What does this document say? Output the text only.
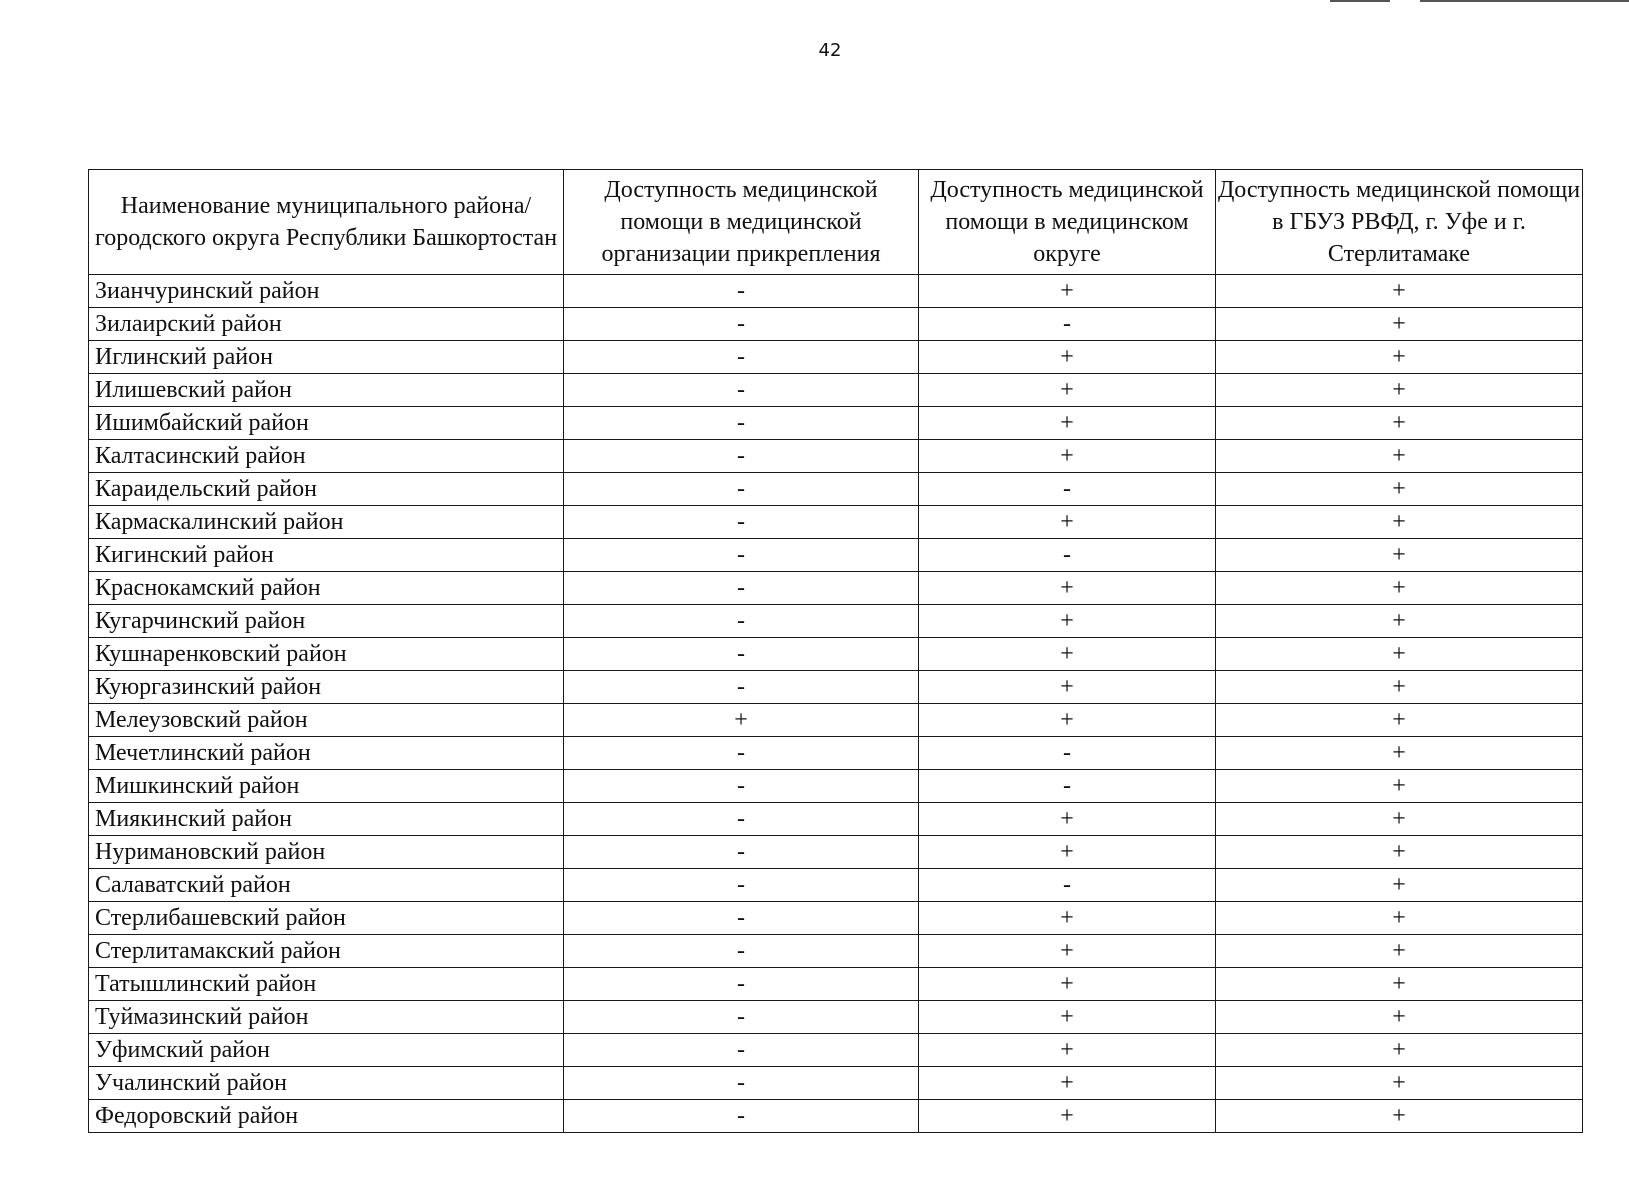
42
Наименование муниципального района/ городского округа Республики Башкортостан	Доступность медицинской помощи в медицинской организации прикрепления	Доступность медицинской помощи в медицинском округе	Доступность медицинской помощи в ГБУЗ РВФД, г. Уфе и г. Стерлитамаке
Зианчуринский район	-	+	+
Зилаирский район	-	-	+
Иглинский район	-	+	+
Илишевский район	-	+	+
Ишимбайский район	-	+	+
Калтасинский район	-	+	+
Караидельский район	-	-	+
Кармаскалинский район	-	+	+
Кигинский район	-	-	+
Краснокамский район	-	+	+
Кугарчинский район	-	+	+
Кушнаренковский район	-	+	+
Куюргазинский район	-	+	+
Мелеузовский район	+	+	+
Мечетлинский район	-	-	+
Мишкинский район	-	-	+
Миякинский район	-	+	+
Нуримановский район	-	+	+
Салаватский район	-	-	+
Стерлибашевский район	-	+	+
Стерлитамакский район	-	+	+
Татышлинский район	-	+	+
Туймазинский район	-	+	+
Уфимский район	-	+	+
Учалинский район	-	+	+
Федоровский район	-	+	+
